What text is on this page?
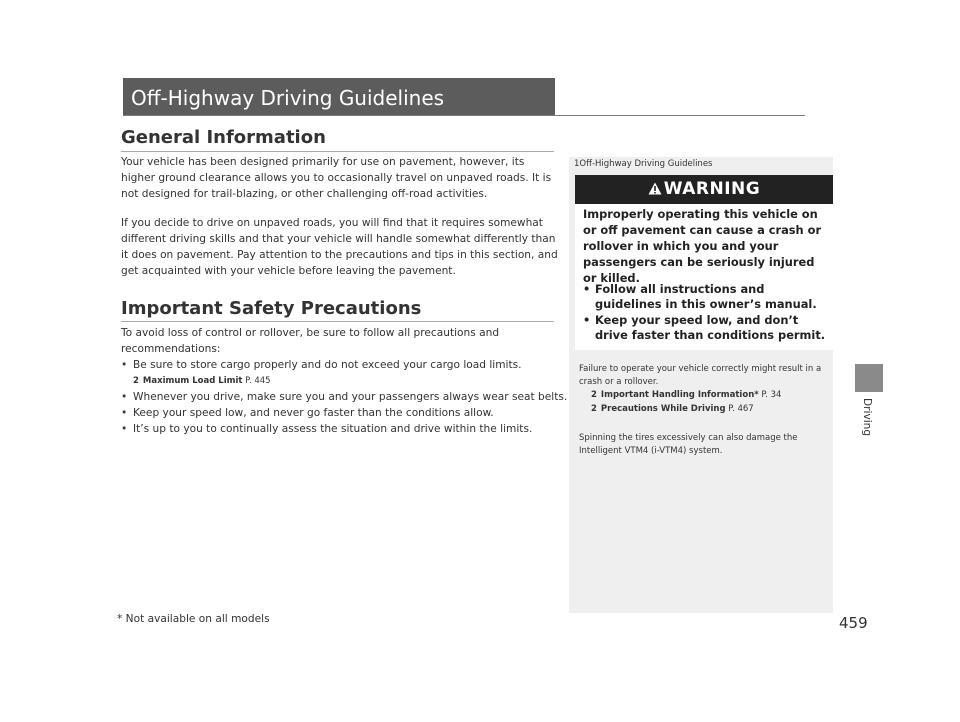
Off-Highway Driving Guidelines
General Information
Your vehicle has been designed primarily for use on pavement, however, its higher ground clearance allows you to occasionally travel on unpaved roads. It is not designed for trail-blazing, or other challenging off-road activities.
If you decide to drive on unpaved roads, you will find that it requires somewhat different driving skills and that your vehicle will handle somewhat differently than it does on pavement. Pay attention to the precautions and tips in this section, and get acquainted with your vehicle before leaving the pavement.
Important Safety Precautions
To avoid loss of control or rollover, be sure to follow all precautions and recommendations:
• Be sure to store cargo properly and do not exceed your cargo load limits.
2 Maximum Load Limit P. 445
• Whenever you drive, make sure you and your passengers always wear seat belts.
• Keep your speed low, and never go faster than the conditions allow.
• It’s up to you to continually assess the situation and drive within the limits.
1Off-Highway Driving Guidelines
WARNING
Improperly operating this vehicle on or off pavement can cause a crash or rollover in which you and your passengers can be seriously injured or killed.
• Follow all instructions and guidelines in this owner’s manual.
• Keep your speed low, and don’t drive faster than conditions permit.
Failure to operate your vehicle correctly might result in a crash or a rollover.
2 Important Handling Information* P. 34
2 Precautions While Driving P. 467
Spinning the tires excessively can also damage the Intelligent VTM4 (i-VTM4) system.
Driving
* Not available on all models	459
